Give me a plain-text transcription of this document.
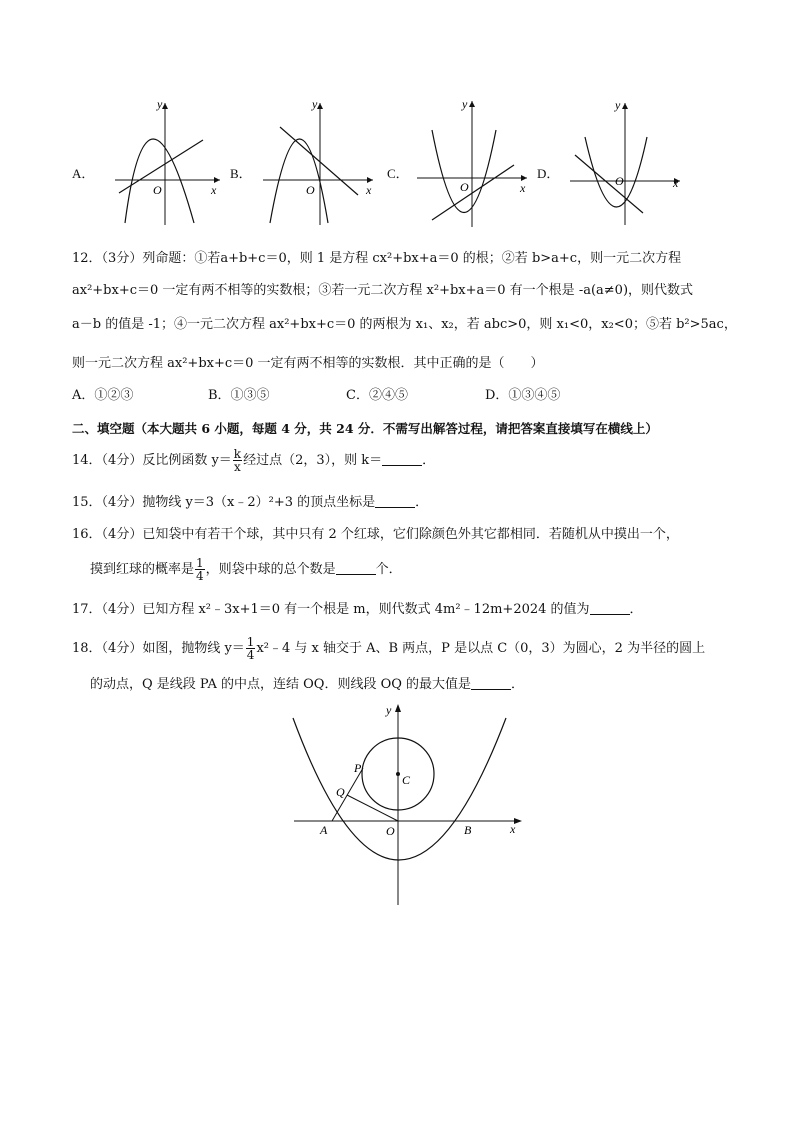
A．
y
x
O
B．
y
x
O
C．
y
x
O
D．
y
x
O
12．（3分）列命题：①若a+b+c＝0，则 1 是方程 cx²+bx+a＝0 的根；②若 b>a+c，则一元二次方程
ax²+bx+c＝0 一定有两不相等的实数根；③若一元二次方程 x²+bx+a＝0 有一个根是 -a(a≠0)，则代数式
a－b 的值是 -1；④一元二次方程 ax²+bx+c＝0 的两根为 x₁、x₂，若 abc>0，则 x₁<0，x₂<0；⑤若 b²>5ac，
则一元二次方程 ax²+bx+c＝0 一定有两不相等的实数根．其中正确的是（　　）
A．①②③	B．①③⑤	C．②④⑤	D．①③④⑤
二、填空题（本大题共 6 小题，每题 4 分，共 24 分．不需写出解答过程，请把答案直接填写在横线上）
14．（4分）反比例函数 $y= \frac{k}{x}$ 经过点（2，3），则 k＝	．
15．（4分）抛物线 y＝3（x﹣2）²+3 的顶点坐标是	．
16．（4分）已知袋中有若干个球，其中只有 2 个红球，它们除颜色外其它都相同．若随机从中摸出一个，
摸到红球的概率是 $\frac{1}{4}$ ，则袋中球的总个数是	个．
17．（4分）已知方程 x²﹣3x+1＝0 有一个根是 m，则代数式 4m²﹣12m+2024 的值为	．
18．（4分）如图，抛物线 $y= \frac{1}{4}$ x²﹣4 与 x 轴交于 A、B 两点，P 是以点 C（0，3）为圆心，2 为半径的圆上
的动点，Q 是线段 PA 的中点，连结 OQ．则线段 OQ 的最大值是	．
y
x
O
A	B
C
P
Q
